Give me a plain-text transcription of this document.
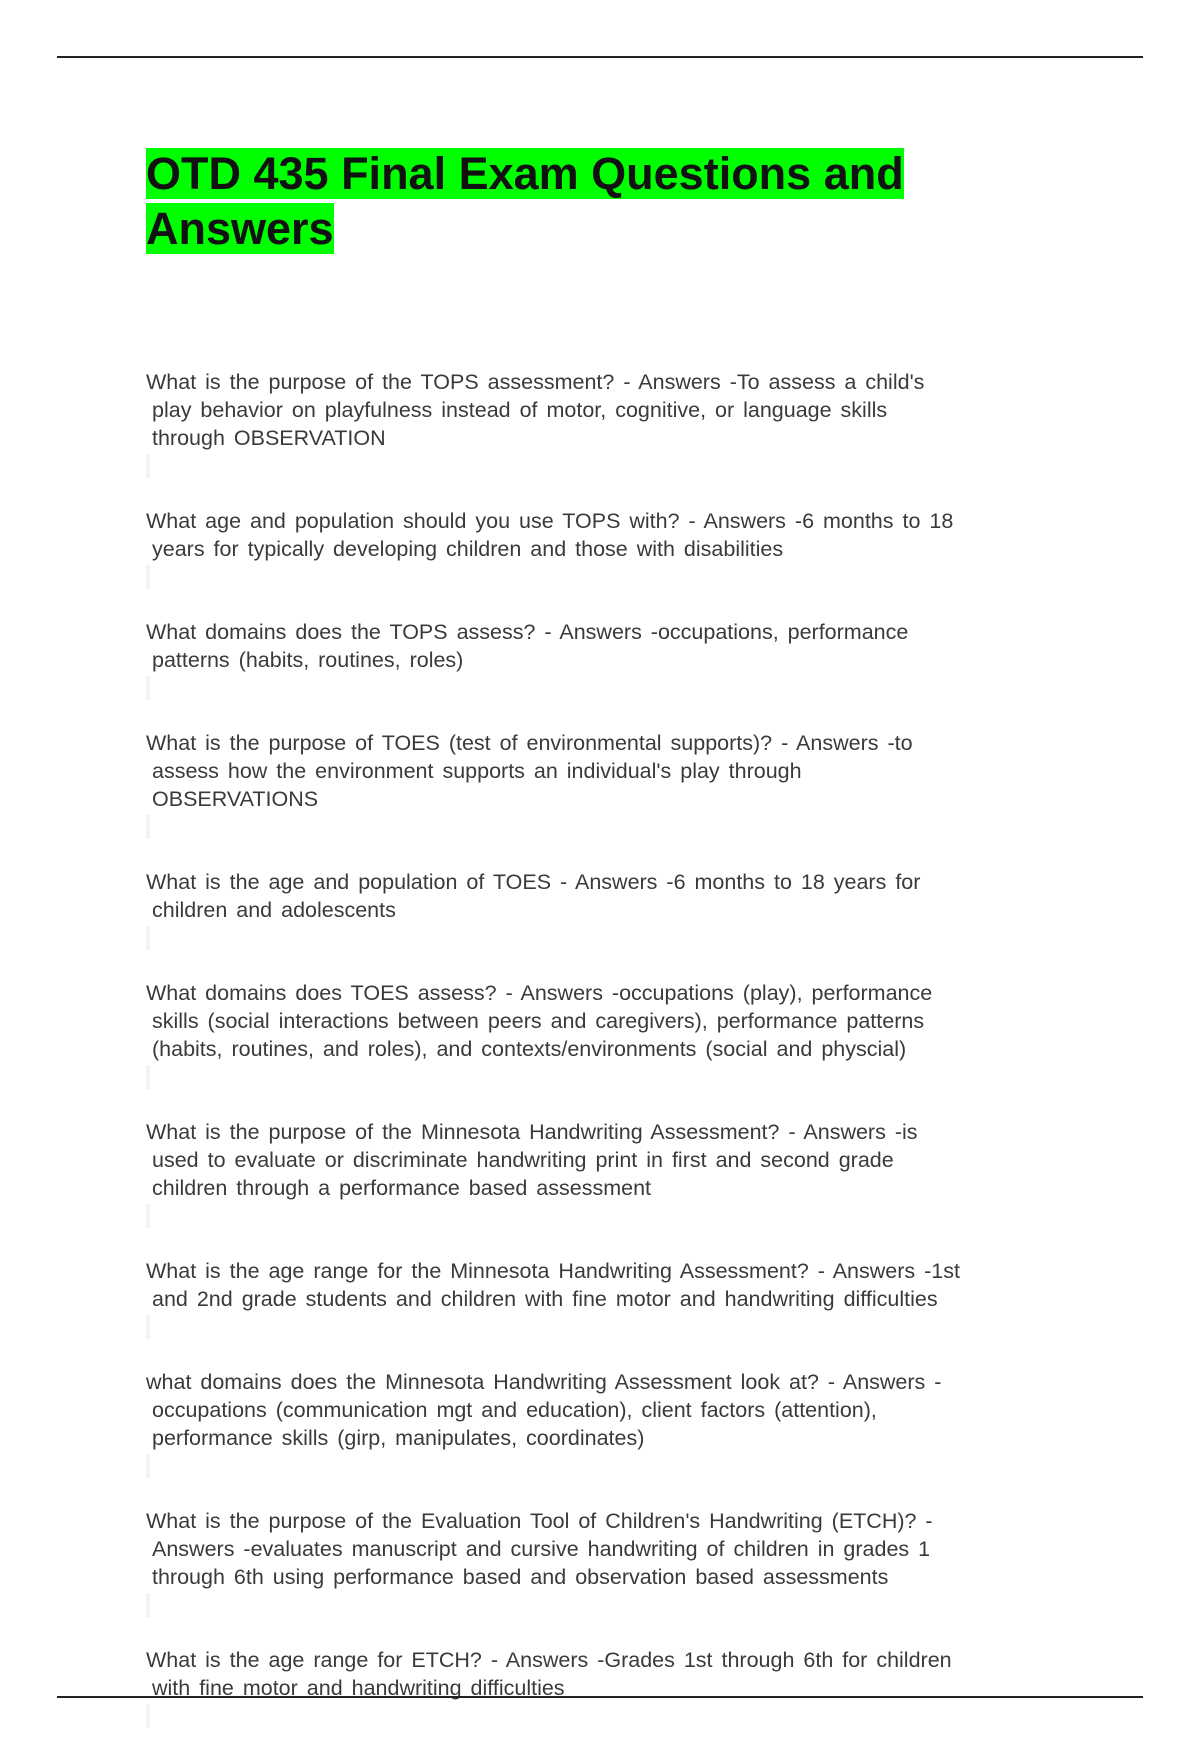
OTD 435 Final Exam Questions and Answers

What is the purpose of the TOPS assessment? - Answers -To assess a child's
play behavior on playfulness instead of motor, cognitive, or language skills
through OBSERVATION

What age and population should you use TOPS with? - Answers -6 months to 18
years for typically developing children and those with disabilities

What domains does the TOPS assess? - Answers -occupations, performance
patterns (habits, routines, roles)

What is the purpose of TOES (test of environmental supports)? - Answers -to
assess how the environment supports an individual's play through
OBSERVATIONS

What is the age and population of TOES - Answers -6 months to 18 years for
children and adolescents

What domains does TOES assess? - Answers -occupations (play), performance
skills (social interactions between peers and caregivers), performance patterns
(habits, routines, and roles), and contexts/environments (social and physcial)

What is the purpose of the Minnesota Handwriting Assessment? - Answers -is
used to evaluate or discriminate handwriting print in first and second grade
children through a performance based assessment

What is the age range for the Minnesota Handwriting Assessment? - Answers -1st
and 2nd grade students and children with fine motor and handwriting difficulties

what domains does the Minnesota Handwriting Assessment look at? - Answers -
occupations (communication mgt and education), client factors (attention),
performance skills (girp, manipulates, coordinates)

What is the purpose of the Evaluation Tool of Children's Handwriting (ETCH)? -
Answers -evaluates manuscript and cursive handwriting of children in grades 1
through 6th using performance based and observation based assessments

What is the age range for ETCH? - Answers -Grades 1st through 6th for children
with fine motor and handwriting difficulties
